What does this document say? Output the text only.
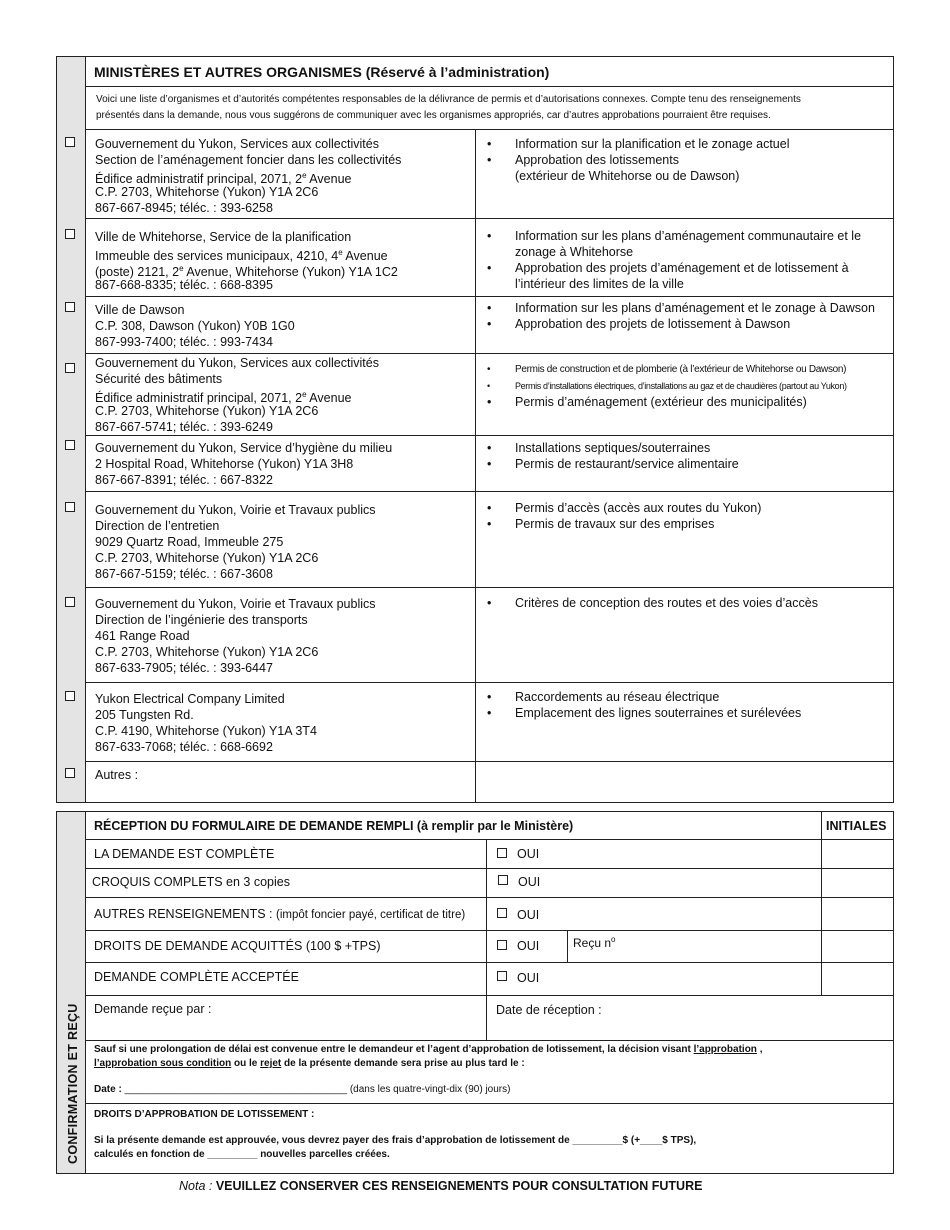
MINISTÈRES ET AUTRES ORGANISMES (Réservé à l’administration)
Voici une liste d’organismes et d’autorités compétentes responsables de la délivrance de permis et d’autorisations connexes. Compte tenu des renseignements
présentés dans la demande, nous vous suggérons de communiquer avec les organismes appropriés, car d’autres approbations pourraient être requises.
Gouvernement du Yukon, Services aux collectivités
Section de l’aménagement foncier dans les collectivités
Édifice administratif principal, 2071, 2e Avenue
C.P. 2703, Whitehorse (Yukon) Y1A 2C6
867-667-8945; téléc. : 393-6258
• Information sur la planification et le zonage actuel
• Approbation des lotissements
(extérieur de Whitehorse ou de Dawson)
Ville de Whitehorse, Service de la planification
Immeuble des services municipaux, 4210, 4e Avenue
(poste) 2121, 2e Avenue, Whitehorse (Yukon) Y1A 1C2
867-668-8335; téléc. : 668-8395
• Information sur les plans d’aménagement communautaire et le
zonage à Whitehorse
• Approbation des projets d’aménagement et de lotissement à
l’intérieur des limites de la ville
Ville de Dawson
C.P. 308, Dawson (Yukon) Y0B 1G0
867-993-7400; téléc. : 993-7434
• Information sur les plans d’aménagement et le zonage à Dawson
• Approbation des projets de lotissement à Dawson
Gouvernement du Yukon, Services aux collectivités
Sécurité des bâtiments
Édifice administratif principal, 2071, 2e Avenue
C.P. 2703, Whitehorse (Yukon) Y1A 2C6
867-667-5741; téléc. : 393-6249
• Permis de construction et de plomberie (à l’extérieur de Whitehorse ou Dawson)
• Permis d’installations électriques, d’installations au gaz et de chaudières (partout au Yukon)
• Permis d’aménagement (extérieur des municipalités)
Gouvernement du Yukon, Service d’hygiène du milieu
2 Hospital Road, Whitehorse (Yukon) Y1A 3H8
867-667-8391; téléc. : 667-8322
• Installations septiques/souterraines
• Permis de restaurant/service alimentaire
Gouvernement du Yukon, Voirie et Travaux publics
Direction de l’entretien
9029 Quartz Road, Immeuble 275
C.P. 2703, Whitehorse (Yukon) Y1A 2C6
867-667-5159; téléc. : 667-3608
• Permis d’accès (accès aux routes du Yukon)
• Permis de travaux sur des emprises
Gouvernement du Yukon, Voirie et Travaux publics
Direction de l’ingénierie des transports
461 Range Road
C.P. 2703, Whitehorse (Yukon) Y1A 2C6
867-633-7905; téléc. : 393-6447
• Critères de conception des routes et des voies d’accès
Yukon Electrical Company Limited
205 Tungsten Rd.
C.P. 4190, Whitehorse (Yukon) Y1A 3T4
867-633-7068; téléc. : 668-6692
• Raccordements au réseau électrique
• Emplacement des lignes souterraines et surélevées
Autres :
CONFIRMATION ET REÇU
RÉCEPTION DU FORMULAIRE DE DEMANDE REMPLI (à remplir par le Ministère)	INITIALES
LA DEMANDE EST COMPLÈTE	OUI
CROQUIS COMPLETS en 3 copies	OUI
AUTRES RENSEIGNEMENTS : (impôt foncier payé, certificat de titre)	OUI
DROITS DE DEMANDE ACQUITTÉS (100 $ +TPS)	OUI	Reçu $n^o$
DEMANDE COMPLÈTE ACCEPTÉE	OUI
Demande reçue par :	Date de réception :
Sauf si une prolongation de délai est convenue entre le demandeur et l’agent d’approbation de lotissement, la décision visant l’approbation ,
l’approbation sous condition ou le rejet de la présente demande sera prise au plus tard le :
Date : ________________________________________ (dans les quatre-vingt-dix (90) jours)
DROITS D’APPROBATION DE LOTISSEMENT :
Si la présente demande est approuvée, vous devrez payer des frais d’approbation de lotissement de _________$ (+____$ TPS),
calculés en fonction de _________ nouvelles parcelles créées.
Nota : VEUILLEZ CONSERVER CES RENSEIGNEMENTS POUR CONSULTATION FUTURE
